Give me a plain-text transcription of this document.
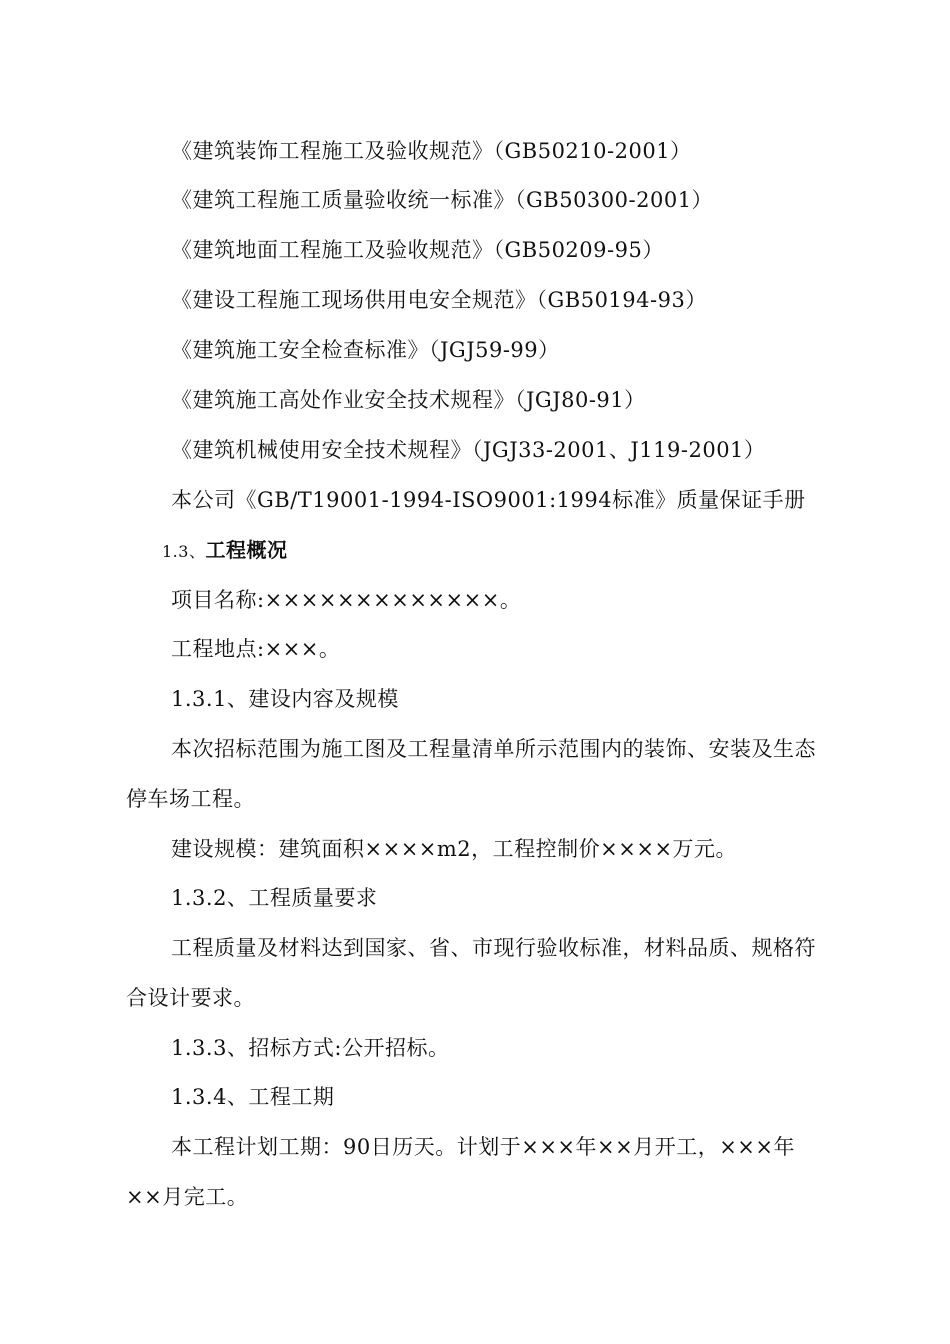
《建筑装饰工程施工及验收规范》（GB50210-2001）
《建筑工程施工质量验收统一标准》（GB50300-2001）
《建筑地面工程施工及验收规范》（GB50209-95）
《建设工程施工现场供用电安全规范》（GB50194-93）
《建筑施工安全检查标准》（JGJ59-99）
《建筑施工高处作业安全技术规程》（JGJ80-91）
《建筑机械使用安全技术规程》（JGJ33-2001、J119-2001）
本公司《GB/T19001-1994-ISO9001:1994标准》质量保证手册
1.3、工程概况
项目名称:×××××××××××××。
工程地点:×××。
1.3.1、建设内容及规模
本次招标范围为施工图及工程量清单所示范围内的装饰、安装及生态
停车场工程。
建设规模：建筑面积××××m2，工程控制价××××万元。
1.3.2、工程质量要求
工程质量及材料达到国家、省、市现行验收标准，材料品质、规格符
合设计要求。
1.3.3、招标方式:公开招标。
1.3.4、工程工期
本工程计划工期：90日历天。计划于×××年××月开工，×××年
××月完工。
